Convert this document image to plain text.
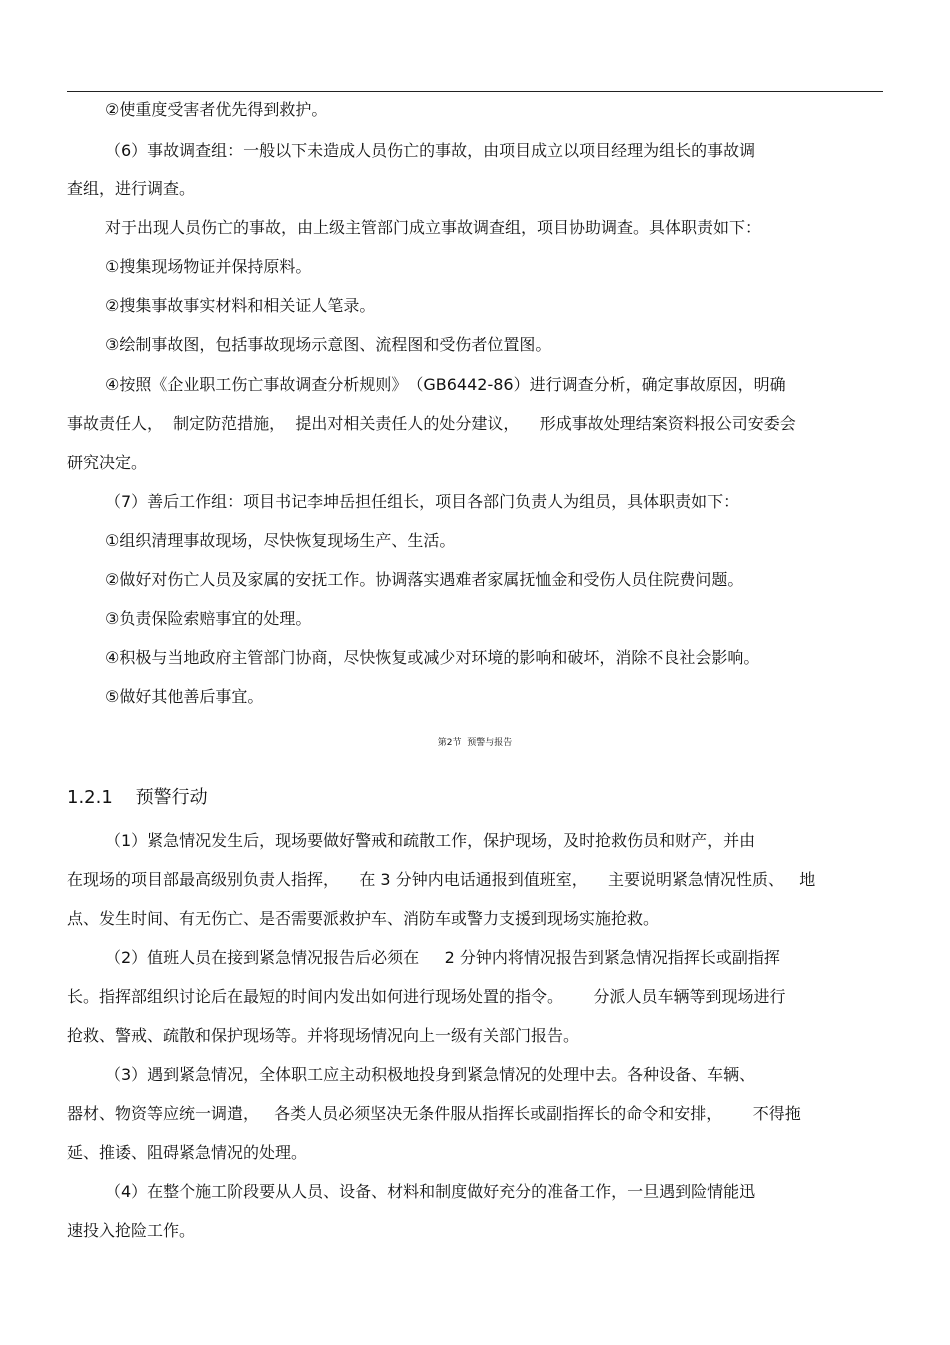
②使重度受害者优先得到救护。
（6）事故调查组：一般以下未造成人员伤亡的事故，由项目成立以项目经理为组长的事故调
查组，进行调查。
对于出现人员伤亡的事故，由上级主管部门成立事故调查组，项目协助调查。具体职责如下：
①搜集现场物证并保持原料。
②搜集事故事实材料和相关证人笔录。
③绘制事故图，包括事故现场示意图、流程图和受伤者位置图。
④按照《企业职工伤亡事故调查分析规则》　（GB6442-86）进行调查分析，确定事故原因，明确
事故责任人，  制定防范措施，  提出对相关责任人的处分建议，    形成事故处理结案资料报公司安委会
研究决定。
（7）善后工作组：项目书记李坤岳担任组长，项目各部门负责人为组员，具体职责如下：
①组织清理事故现场，尽快恢复现场生产、生活。
②做好对伤亡人员及家属的安抚工作。协调落实遇难者家属抚恤金和受伤人员住院费问题。
③负责保险索赔事宜的处理。
④积极与当地政府主管部门协商，尽快恢复或减少对环境的影响和破坏，消除不良社会影响。
⑤做好其他善后事宜。
第2节  预警与报告
1.2.1    预警行动
（1）紧急情况发生后，现场要做好警戒和疏散工作，保护现场，及时抢救伤员和财产，并由
在现场的项目部最高级别负责人指挥，    在 3 分钟内电话通报到值班室，    主要说明紧急情况性质、   地
点、发生时间、有无伤亡、是否需要派救护车、消防车或警力支援到现场实施抢救。
（2）值班人员在接到紧急情况报告后必须在     2 分钟内将情况报告到紧急情况指挥长或副指挥
长。指挥部组织讨论后在最短的时间内发出如何进行现场处置的指令。      分派人员车辆等到现场进行
抢救、警戒、疏散和保护现场等。并将现场情况向上一级有关部门报告。
（3）遇到紧急情况，全体职工应主动积极地投身到紧急情况的处理中去。各种设备、车辆、
器材、物资等应统一调遣，   各类人员必须坚决无条件服从指挥长或副指挥长的命令和安排，      不得拖
延、推诿、阻碍紧急情况的处理。
（4）在整个施工阶段要从人员、设备、材料和制度做好充分的准备工作，一旦遇到险情能迅
速投入抢险工作。
